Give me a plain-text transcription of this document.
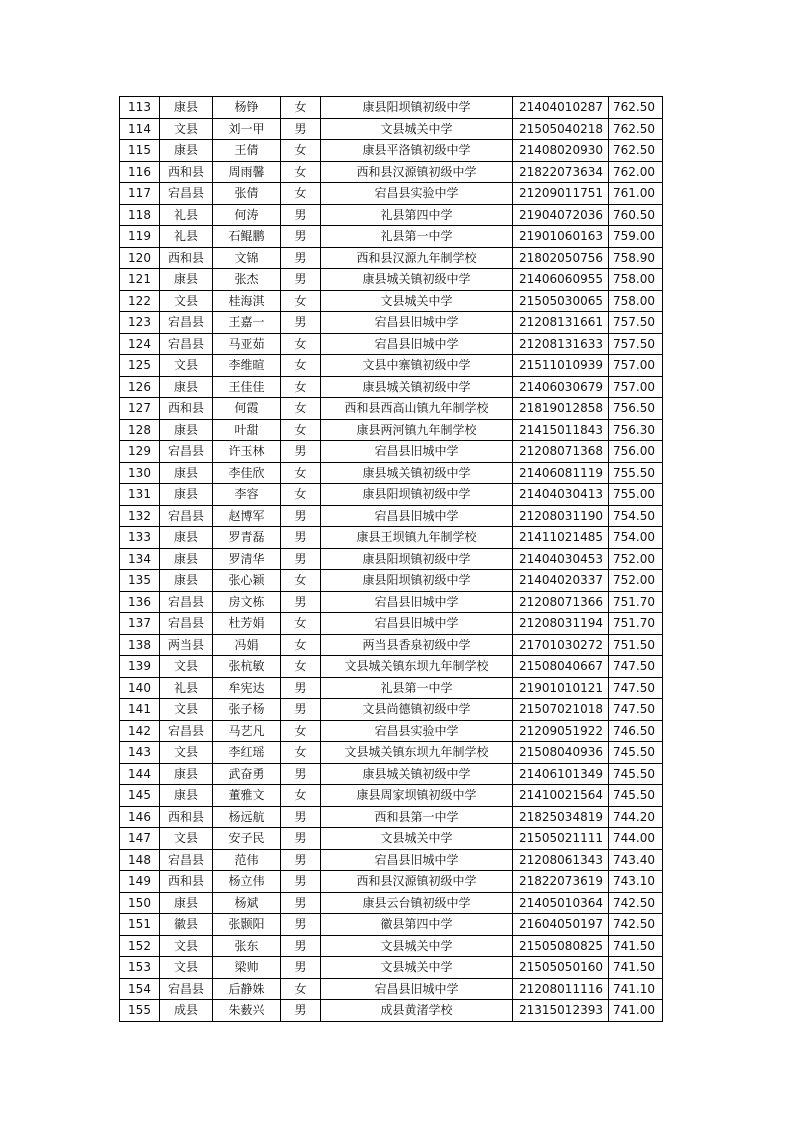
113	康县	杨铮	女	康县阳坝镇初级中学	21404010287	762.50
114	文县	刘一甲	男	文县城关中学	21505040218	762.50
115	康县	王倩	女	康县平洛镇初级中学	21408020930	762.50
116	西和县	周雨馨	女	西和县汉源镇初级中学	21822073634	762.00
117	宕昌县	张倩	女	宕昌县实验中学	21209011751	761.00
118	礼县	何涛	男	礼县第四中学	21904072036	760.50
119	礼县	石鲲鹏	男	礼县第一中学	21901060163	759.00
120	西和县	文锦	男	西和县汉源九年制学校	21802050756	758.90
121	康县	张杰	男	康县城关镇初级中学	21406060955	758.00
122	文县	桂海淇	女	文县城关中学	21505030065	758.00
123	宕昌县	王嘉一	男	宕昌县旧城中学	21208131661	757.50
124	宕昌县	马亚茹	女	宕昌县旧城中学	21208131633	757.50
125	文县	李维暄	女	文县中寨镇初级中学	21511010939	757.00
126	康县	王佳佳	女	康县城关镇初级中学	21406030679	757.00
127	西和县	何霞	女	西和县西高山镇九年制学校	21819012858	756.50
128	康县	叶甜	女	康县两河镇九年制学校	21415011843	756.30
129	宕昌县	许玉林	男	宕昌县旧城中学	21208071368	756.00
130	康县	李佳欣	女	康县城关镇初级中学	21406081119	755.50
131	康县	李容	女	康县阳坝镇初级中学	21404030413	755.00
132	宕昌县	赵博军	男	宕昌县旧城中学	21208031190	754.50
133	康县	罗青磊	男	康县王坝镇九年制学校	21411021485	754.00
134	康县	罗清华	男	康县阳坝镇初级中学	21404030453	752.00
135	康县	张心颖	女	康县阳坝镇初级中学	21404020337	752.00
136	宕昌县	房文栋	男	宕昌县旧城中学	21208071366	751.70
137	宕昌县	杜芳娟	女	宕昌县旧城中学	21208031194	751.70
138	两当县	冯娟	女	两当县香泉初级中学	21701030272	751.50
139	文县	张杭敏	女	文县城关镇东坝九年制学校	21508040667	747.50
140	礼县	牟宪达	男	礼县第一中学	21901010121	747.50
141	文县	张子杨	男	文县尚德镇初级中学	21507021018	747.50
142	宕昌县	马艺凡	女	宕昌县实验中学	21209051922	746.50
143	文县	李红瑶	女	文县城关镇东坝九年制学校	21508040936	745.50
144	康县	武奋勇	男	康县城关镇初级中学	21406101349	745.50
145	康县	董雅文	女	康县周家坝镇初级中学	21410021564	745.50
146	西和县	杨远航	男	西和县第一中学	21825034819	744.20
147	文县	安子民	男	文县城关中学	21505021111	744.00
148	宕昌县	范伟	男	宕昌县旧城中学	21208061343	743.40
149	西和县	杨立伟	男	西和县汉源镇初级中学	21822073619	743.10
150	康县	杨斌	男	康县云台镇初级中学	21405010364	742.50
151	徽县	张颢阳	男	徽县第四中学	21604050197	742.50
152	文县	张东	男	文县城关中学	21505080825	741.50
153	文县	梁帅	男	文县城关中学	21505050160	741.50
154	宕昌县	后静姝	女	宕昌县旧城中学	21208011116	741.10
155	成县	朱薮兴	男	成县黄渚学校	21315012393	741.00
